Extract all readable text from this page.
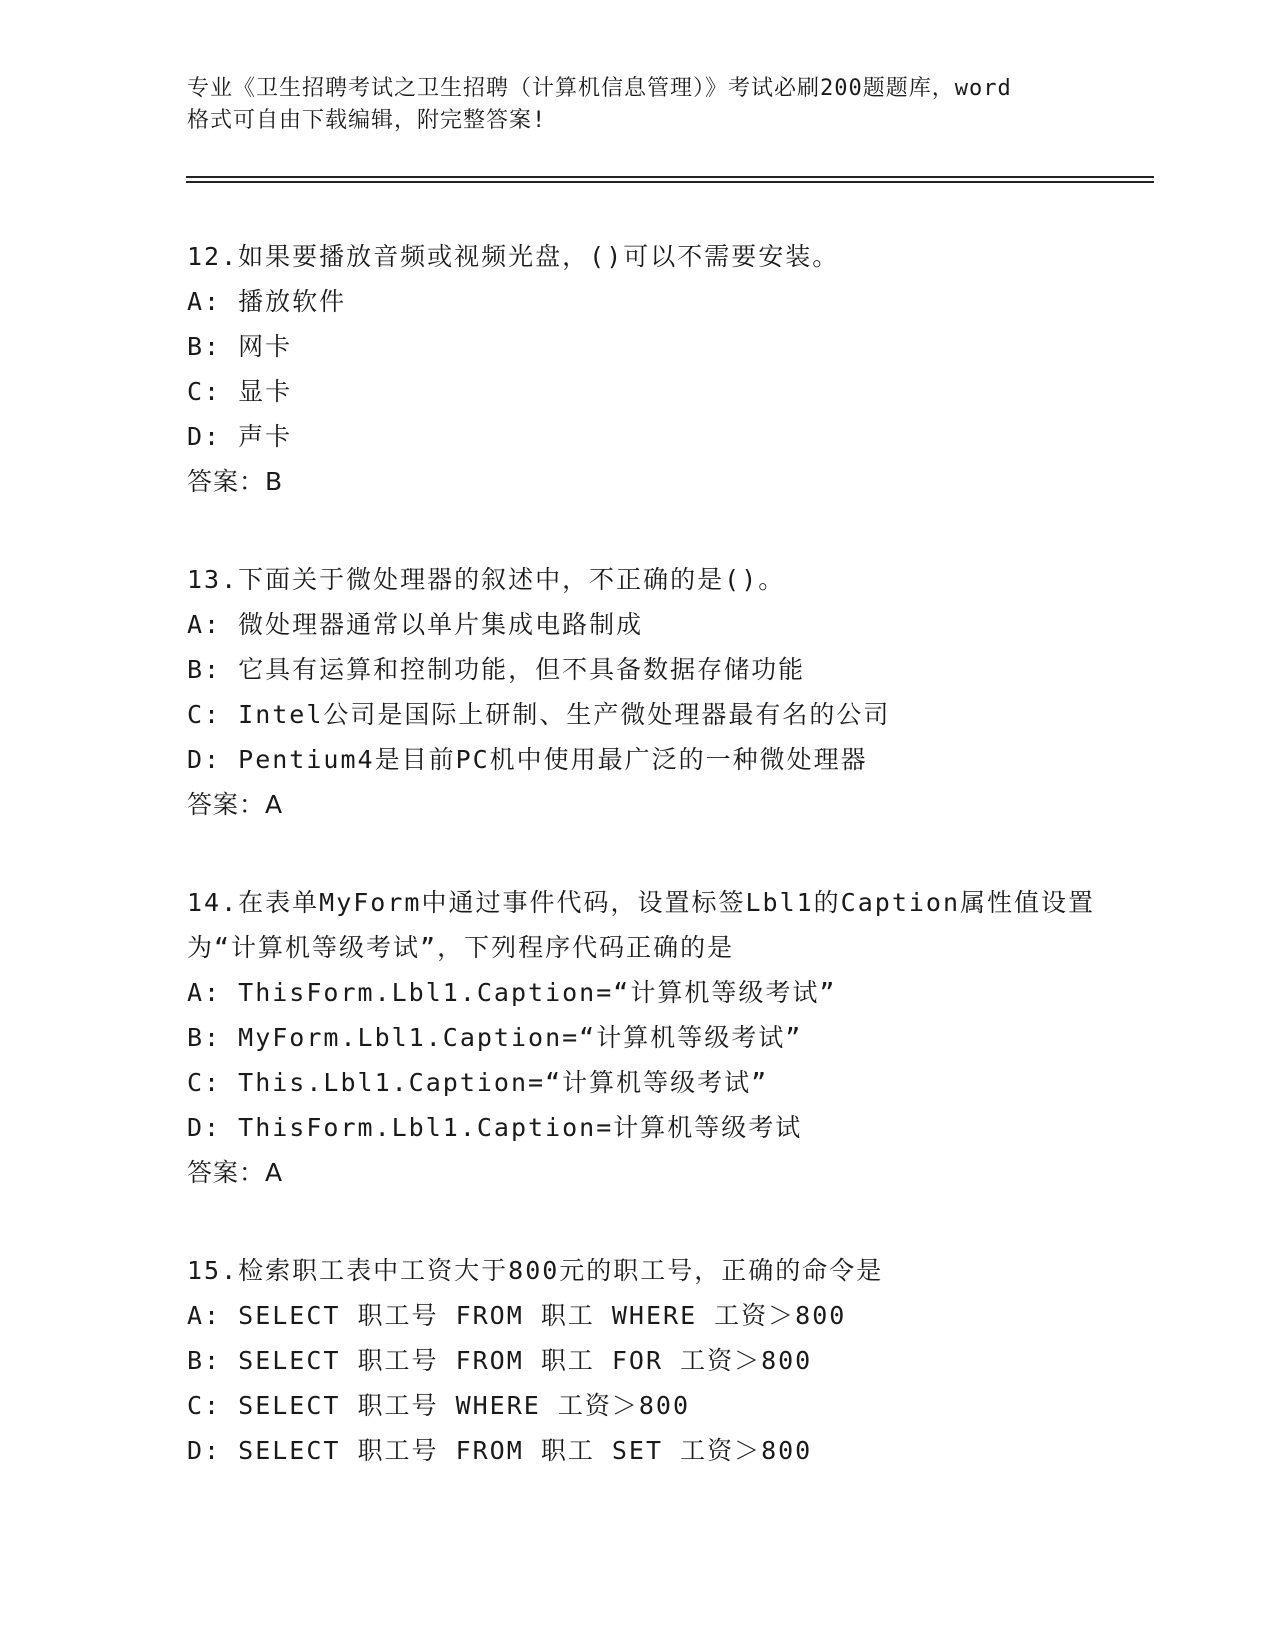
专业《卫生招聘考试之卫生招聘（计算机信息管理）》考试必刷200题题库，word
格式可自由下载编辑，附完整答案!
12.如果要播放音频或视频光盘，()可以不需要安装。
A: 播放软件
B: 网卡
C: 显卡
D: 声卡
答案：B
13.下面关于微处理器的叙述中，不正确的是()。
A: 微处理器通常以单片集成电路制成
B: 它具有运算和控制功能，但不具备数据存储功能
C: Intel公司是国际上研制、生产微处理器最有名的公司
D: Pentium4是目前PC机中使用最广泛的一种微处理器
答案：A
14.在表单MyForm中通过事件代码，设置标签Lbl1的Caption属性值设置为“计算机等级考试”，下列程序代码正确的是
A: ThisForm.Lbl1.Caption=“计算机等级考试”
B: MyForm.Lbl1.Caption=“计算机等级考试”
C: This.Lbl1.Caption=“计算机等级考试”
D: ThisForm.Lbl1.Caption=计算机等级考试
答案：A
15.检索职工表中工资大于800元的职工号，正确的命令是
A: SELECT 职工号 FROM 职工 WHERE 工资＞800
B: SELECT 职工号 FROM 职工 FOR 工资＞800
C: SELECT 职工号 WHERE 工资＞800
D: SELECT 职工号 FROM 职工 SET 工资＞800
